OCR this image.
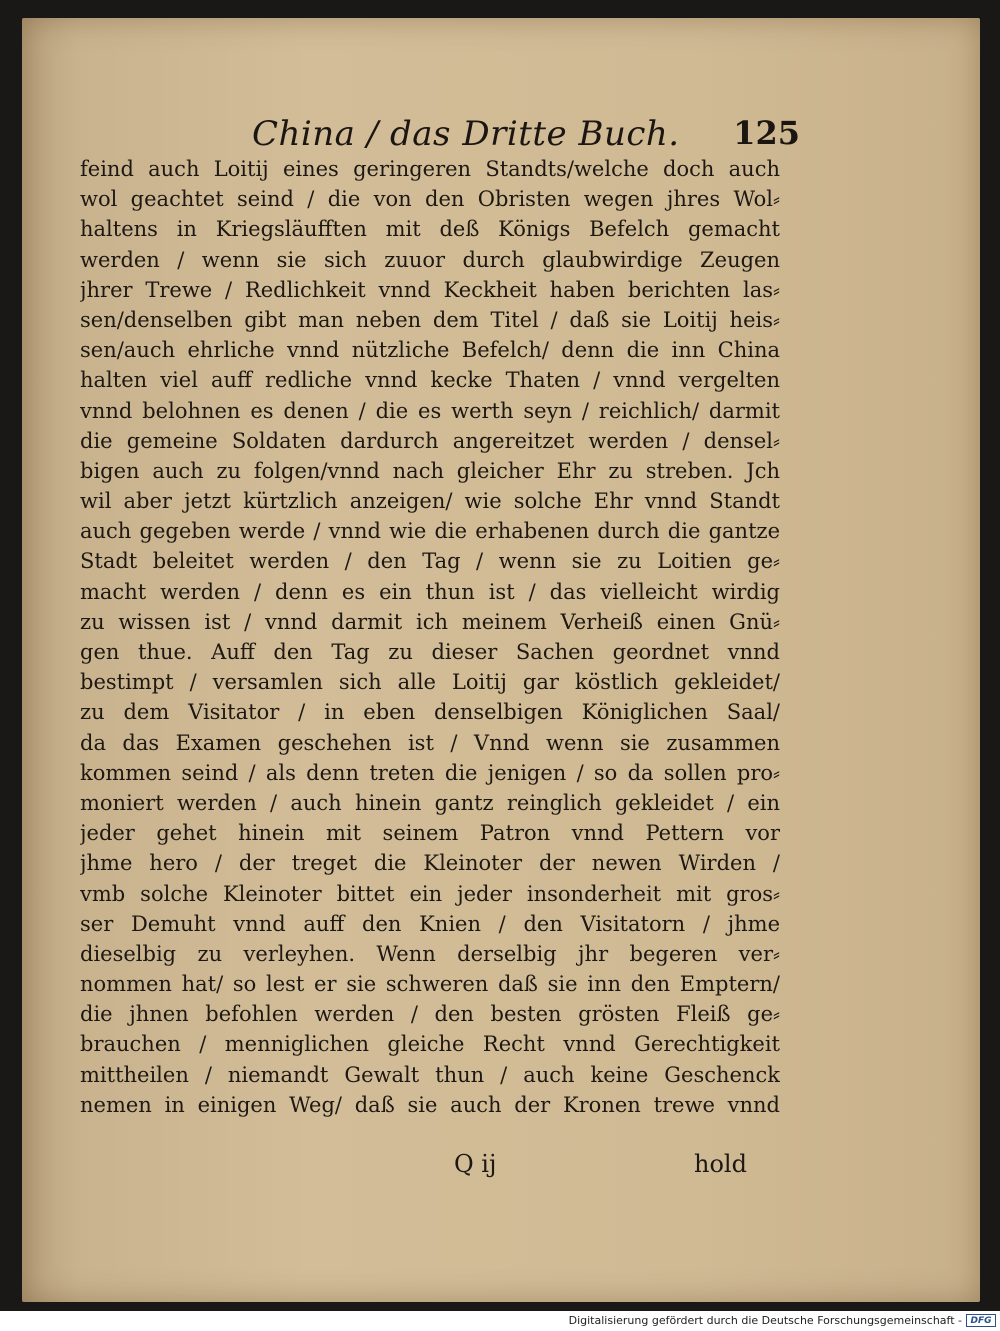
China / das Dritte Buch. 125
feind auch Loitij eines geringeren Standts/welche doch auch
wol geachtet seind / die von den Obristen wegen jhres Wol⸗
haltens in Kriegsläufften mit deß Königs Befelch gemacht
werden / wenn sie sich zuuor durch glaubwirdige Zeugen
jhrer Trewe / Redlichkeit vnnd Keckheit haben berichten las⸗
sen/denselben gibt man neben dem Titel / daß sie Loitij heis⸗
sen/auch ehrliche vnnd nützliche Befelch/ denn die inn China
halten viel auff redliche vnnd kecke Thaten / vnnd vergelten
vnnd belohnen es denen / die es werth seyn / reichlich/ darmit
die gemeine Soldaten dardurch angereitzet werden / densel⸗
bigen auch zu folgen/vnnd nach gleicher Ehr zu streben. Jch
wil aber jetzt kürtzlich anzeigen/ wie solche Ehr vnnd Standt
auch gegeben werde / vnnd wie die erhabenen durch die gantze
Stadt beleitet werden / den Tag / wenn sie zu Loitien ge⸗
macht werden / denn es ein thun ist / das vielleicht wirdig
zu wissen ist / vnnd darmit ich meinem Verheiß einen Gnü⸗
gen thue. Auff den Tag zu dieser Sachen geordnet vnnd
bestimpt / versamlen sich alle Loitij gar köstlich gekleidet/
zu dem Visitator / in eben denselbigen Königlichen Saal/
da das Examen geschehen ist / Vnnd wenn sie zusammen
kommen seind / als denn treten die jenigen / so da sollen pro⸗
moniert werden / auch hinein gantz reinglich gekleidet / ein
jeder gehet hinein mit seinem Patron vnnd Pettern vor
jhme hero / der treget die Kleinoter der newen Wirden /
vmb solche Kleinoter bittet ein jeder insonderheit mit gros⸗
ser Demuht vnnd auff den Knien / den Visitatorn / jhme
dieselbig zu verleyhen. Wenn derselbig jhr begeren ver⸗
nommen hat/ so lest er sie schweren daß sie inn den Emptern/
die jhnen befohlen werden / den besten grösten Fleiß ge⸗
brauchen / menniglichen gleiche Recht vnnd Gerechtigkeit
mittheilen / niemandt Gewalt thun / auch keine Geschenck
nemen in einigen Weg/ daß sie auch der Kronen trewe vnnd
Q ij	hold
Digitalisierung gefördert durch die Deutsche Forschungsgemeinschaft - DFG
